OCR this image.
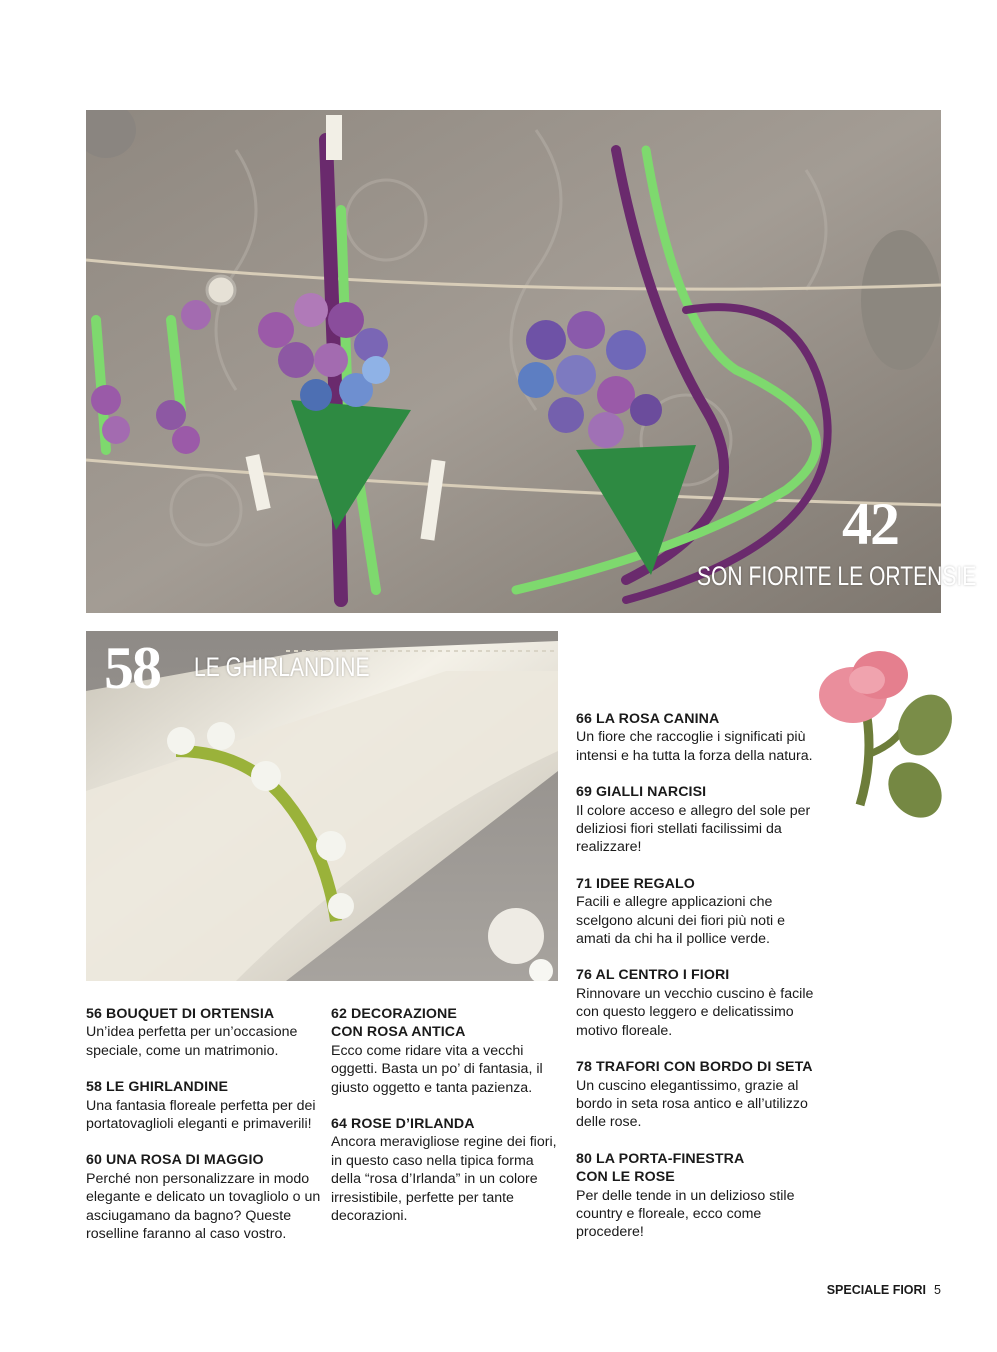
42
SON FIORITE LE ORTENSIE
58 LE GHIRLANDINE
56 BOUQUET DI ORTENSIA
Un’idea perfetta per un’occasione speciale, come un matrimonio.
58 LE GHIRLANDINE
Una fantasia floreale perfetta per dei portatovaglioli eleganti e primaverili!
60 UNA ROSA DI MAGGIO
Perché non personalizzare in modo elegante e delicato un tovagliolo o un asciugamano da bagno? Queste roselline faranno al caso vostro.
62 DECORAZIONE CON ROSA ANTICA
Ecco come ridare vita a vecchi oggetti. Basta un po’ di fantasia, il giusto oggetto e tanta pazienza.
64 ROSE D’IRLANDA
Ancora meravigliose regine dei fiori, in questo caso nella tipica forma della “rosa d’Irlanda” in un colore irresistibile, perfette per tante decorazioni.
66 LA ROSA CANINA
Un fiore che raccoglie i significati più intensi e ha tutta la forza della natura.
69 GIALLI NARCISI
Il colore acceso e allegro del sole per deliziosi fiori stellati facilissimi da realizzare!
71 IDEE REGALO
Facili e allegre applicazioni che scelgono alcuni dei fiori più noti e amati da chi ha il pollice verde.
76 AL CENTRO I FIORI
Rinnovare un vecchio cuscino è facile con questo leggero e delicatissimo motivo floreale.
78 TRAFORI CON BORDO DI SETA
Un cuscino elegantissimo, grazie al bordo in seta rosa antico e all’utilizzo delle rose.
80 LA PORTA-FINESTRA CON LE ROSE
Per delle tende in un delizioso stile country e floreale, ecco come procedere!
SPECIALE FIORI 5
